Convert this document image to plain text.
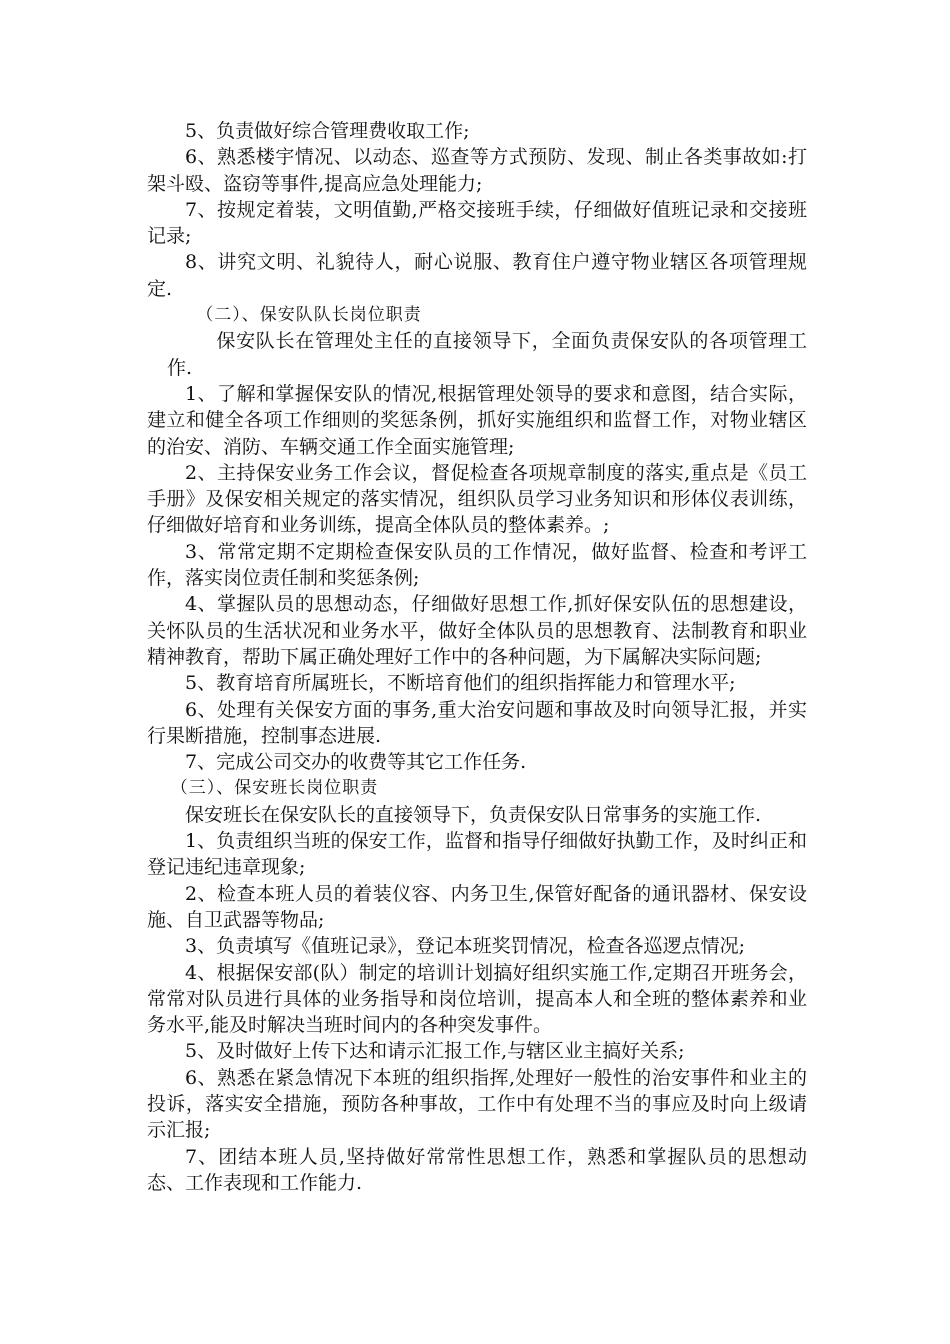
5、负责做好综合管理费收取工作;

6、熟悉楼宇情况、以动态、巡查等方式预防、发现、制止各类事故如:打架斗殴、盗窃等事件,提高应急处理能力;

7、按规定着装，文明值勤,严格交接班手续，仔细做好值班记录和交接班记录;

8、讲究文明、礼貌待人，耐心说服、教育住户遵守物业辖区各项管理规定.

（二）、保安队队长岗位职责

保安队长在管理处主任的直接领导下，全面负责保安队的各项管理工作.

1、了解和掌握保安队的情况,根据管理处领导的要求和意图，结合实际，建立和健全各项工作细则的奖惩条例，抓好实施组织和监督工作，对物业辖区的治安、消防、车辆交通工作全面实施管理;

2、主持保安业务工作会议，督促检查各项规章制度的落实,重点是《员工手册》及保安相关规定的落实情况，组织队员学习业务知识和形体仪表训练，仔细做好培育和业务训练，提高全体队员的整体素养。;

3、常常定期不定期检查保安队员的工作情况，做好监督、检查和考评工作，落实岗位责任制和奖惩条例;

4、掌握队员的思想动态，仔细做好思想工作,抓好保安队伍的思想建设，关怀队员的生活状况和业务水平，做好全体队员的思想教育、法制教育和职业精神教育，帮助下属正确处理好工作中的各种问题，为下属解决实际问题;

5、教育培育所属班长，不断培育他们的组织指挥能力和管理水平;

6、处理有关保安方面的事务,重大治安问题和事故及时向领导汇报，并实行果断措施，控制事态进展.

7、完成公司交办的收费等其它工作任务.

（三）、保安班长岗位职责

保安班长在保安队长的直接领导下，负责保安队日常事务的实施工作.

1、负责组织当班的保安工作，监督和指导仔细做好执勤工作，及时纠正和登记违纪违章现象;

2、检查本班人员的着装仪容、内务卫生,保管好配备的通讯器材、保安设施、自卫武器等物品;

3、负责填写《值班记录》，登记本班奖罚情况，检查各巡逻点情况;

4、根据保安部(队）制定的培训计划搞好组织实施工作,定期召开班务会，常常对队员进行具体的业务指导和岗位培训，提高本人和全班的整体素养和业务水平,能及时解决当班时间内的各种突发事件。

5、及时做好上传下达和请示汇报工作,与辖区业主搞好关系;

6、熟悉在紧急情况下本班的组织指挥,处理好一般性的治安事件和业主的投诉，落实安全措施，预防各种事故，工作中有处理不当的事应及时向上级请示汇报;

7、团结本班人员,坚持做好常常性思想工作，熟悉和掌握队员的思想动态、工作表现和工作能力.
